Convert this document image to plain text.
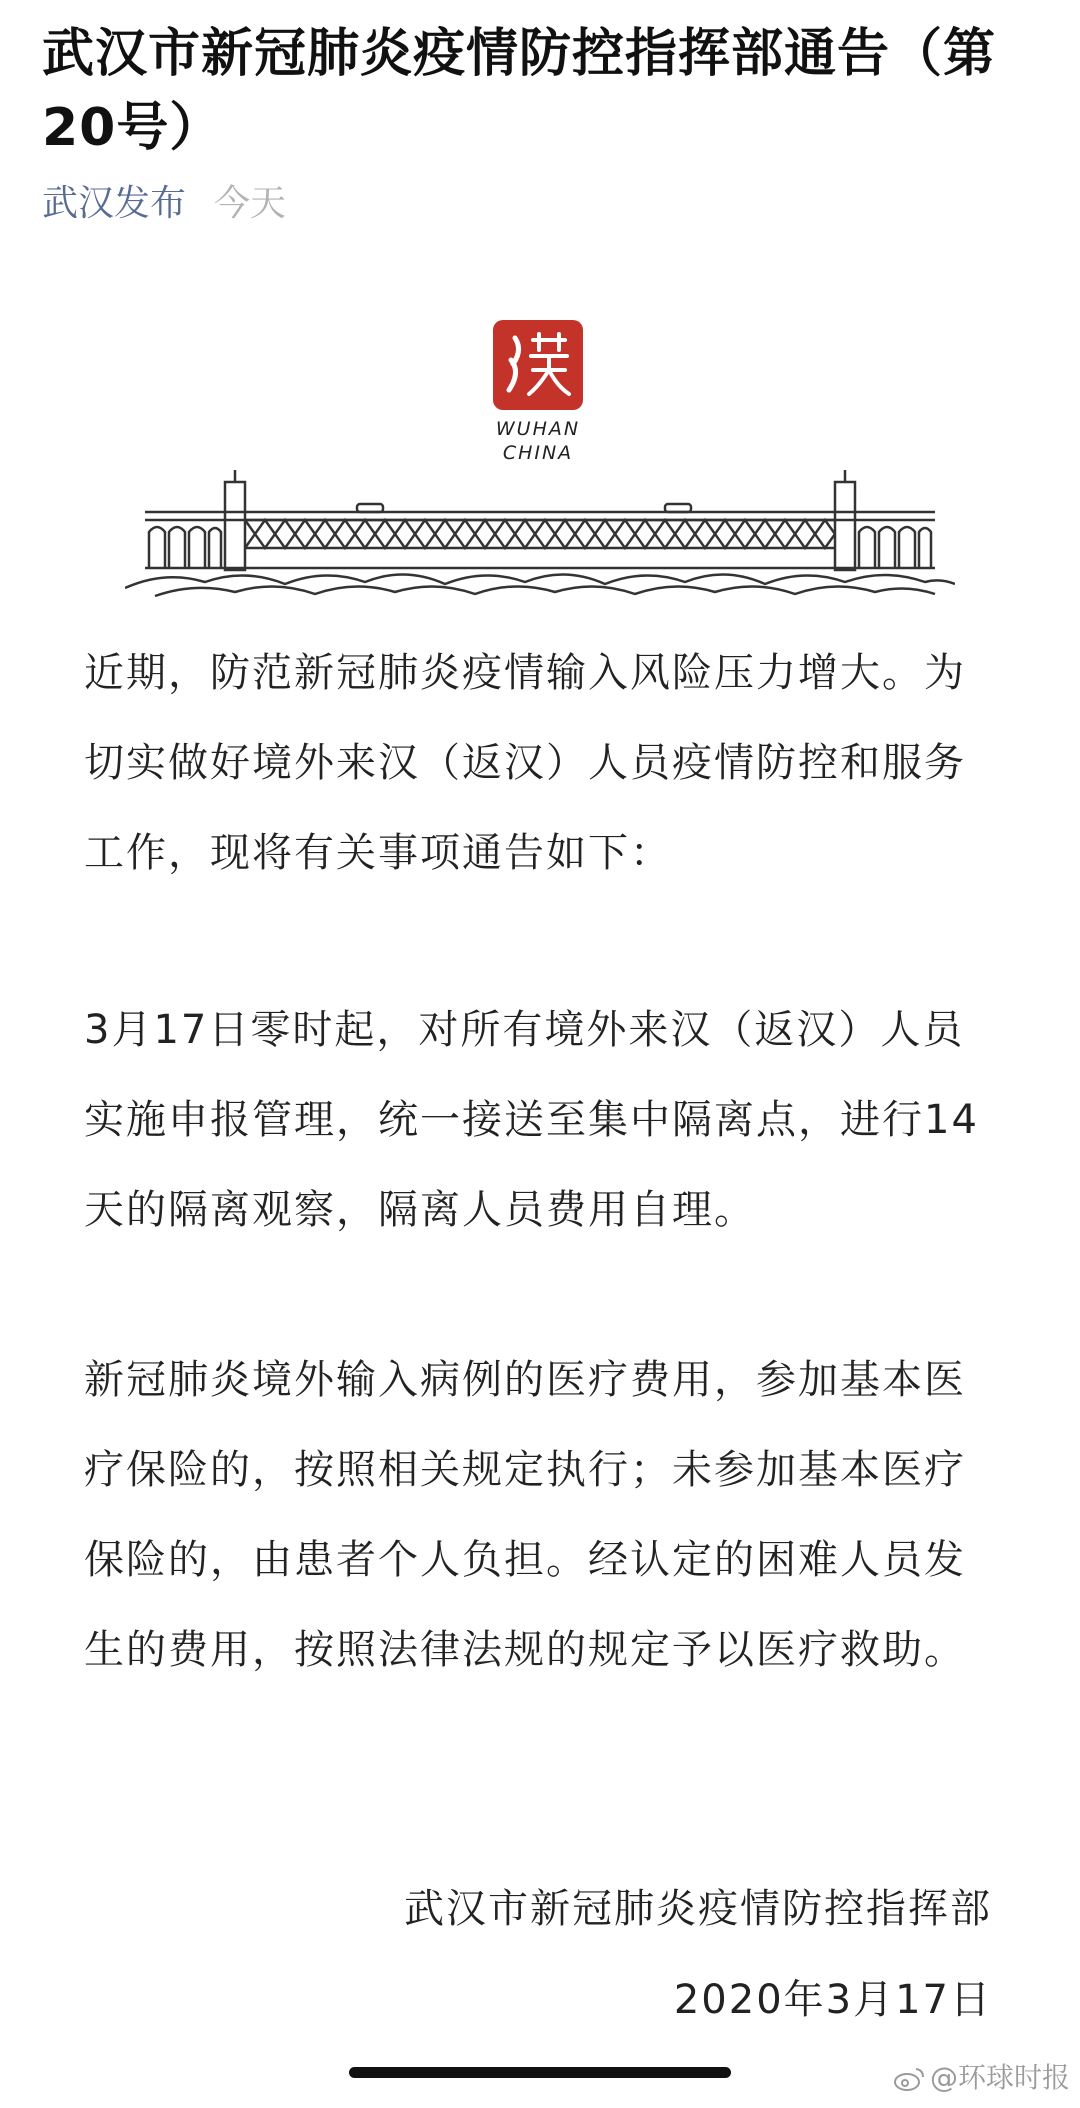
武汉市新冠肺炎疫情防控指挥部通告（第20号）
武汉发布 今天
WUHAN
CHINA

近期，防范新冠肺炎疫情输入风险压力增大。为切实做好境外来汉（返汉）人员疫情防控和服务工作，现将有关事项通告如下：

3月17日零时起，对所有境外来汉（返汉）人员实施申报管理，统一接送至集中隔离点，进行14天的隔离观察，隔离人员费用自理。

新冠肺炎境外输入病例的医疗费用，参加基本医疗保险的，按照相关规定执行；未参加基本医疗保险的，由患者个人负担。经认定的困难人员发生的费用，按照法律法规的规定予以医疗救助。

武汉市新冠肺炎疫情防控指挥部
2020年3月17日
@环球时报
